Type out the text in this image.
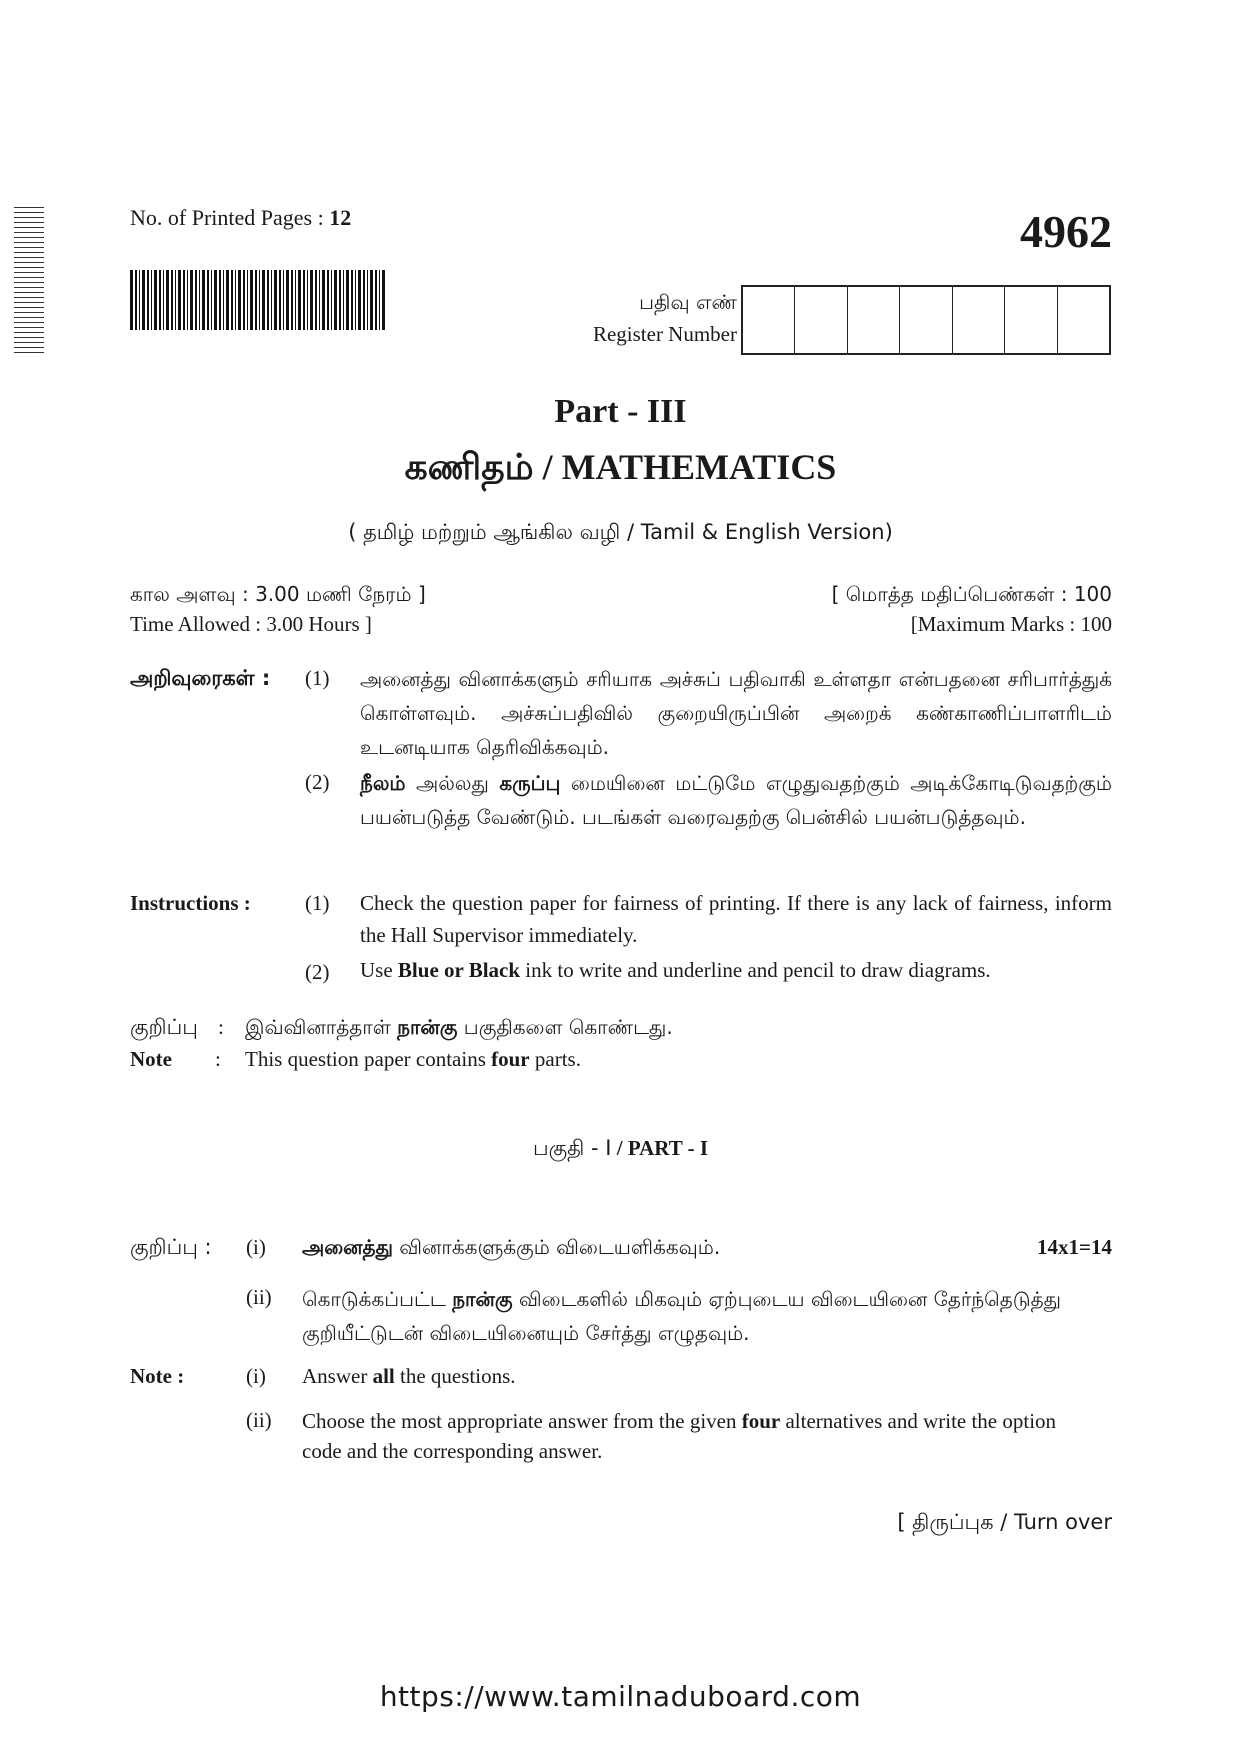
No. of Printed Pages : 12	4962
பதிவு எண்
Register Number
Part - III
கணிதம் / MATHEMATICS
( தமிழ் மற்றும் ஆங்கில வழி / Tamil & English Version)
கால அளவு : 3.00 மணி நேரம் ]
Time Allowed : 3.00 Hours ]
[ மொத்த மதிப்பெண்கள் : 100
[Maximum Marks : 100
அறிவுரைகள் : (1) அனைத்து வினாக்களும் சரியாக அச்சுப் பதிவாகி உள்ளதா என்பதனை சரிபார்த்துக் கொள்ளவும். அச்சுப்பதிவில் குறையிருப்பின் அறைக் கண்காணிப்பாளரிடம் உடனடியாக தெரிவிக்கவும்.
(2) நீலம் அல்லது கருப்பு மையினை மட்டுமே எழுதுவதற்கும் அடிக்கோடிடுவதற்கும் பயன்படுத்த வேண்டும். படங்கள் வரைவதற்கு பென்சில் பயன்படுத்தவும்.
Instructions :	(1) Check the question paper for fairness of printing. If there is any lack of fairness, inform the Hall Supervisor immediately.
(2) Use Blue or Black ink to write and underline and pencil to draw diagrams.
குறிப்பு : இவ்வினாத்தாள் நான்கு பகுதிகளை கொண்டது.
Note : This question paper contains four parts.
பகுதி - I / PART - I
குறிப்பு : (i) அனைத்து வினாக்களுக்கும் விடையளிக்கவும்.	14x1=14
(ii) கொடுக்கப்பட்ட நான்கு விடைகளில் மிகவும் ஏற்புடைய விடையினை தேர்ந்தெடுத்து குறியீட்டுடன் விடையினையும் சேர்த்து எழுதவும்.
Note :	(i) Answer all the questions.
(ii) Choose the most appropriate answer from the given four alternatives and write the option code and the corresponding answer.
[ திருப்புக / Turn over
https://www.tamilnaduboard.com
